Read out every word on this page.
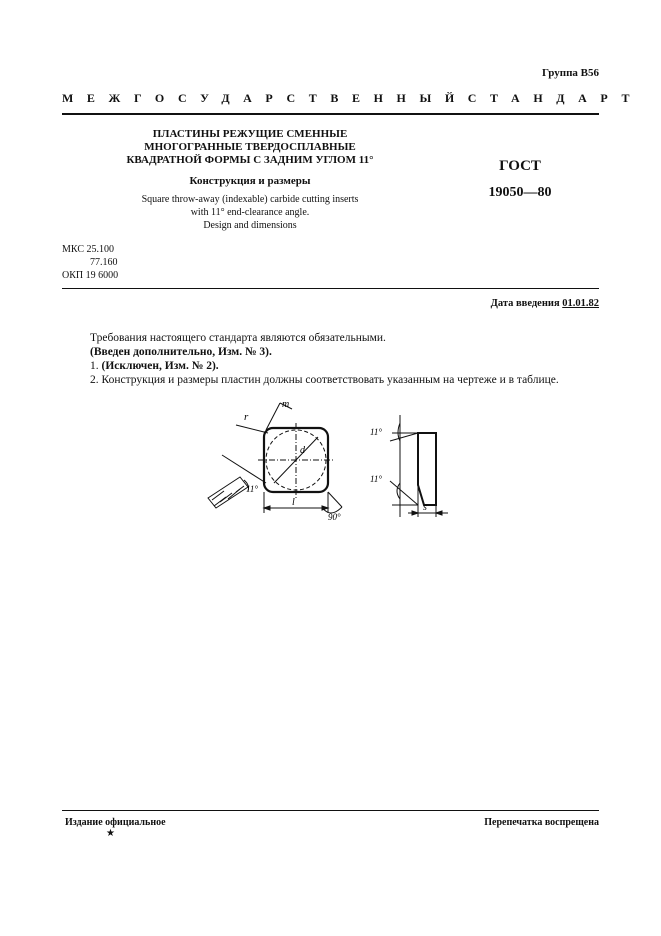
Группа В56
МЕЖГОСУДАРСТВЕННЫЙ СТАНДАРТ
ПЛАСТИНЫ РЕЖУЩИЕ СМЕННЫЕ
МНОГОГРАННЫЕ ТВЕРДОСПЛАВНЫЕ
КВАДРАТНОЙ ФОРМЫ С ЗАДНИМ УГЛОМ 11°
Конструкция и размеры
Square throw-away (indexable) carbide cutting inserts
with 11° end-clearance angle.
Design and dimensions
ГОСТ
19050—80
МКС 25.100
77.160
ОКП 19 6000
Дата введения 01.01.82
Требования настоящего стандарта являются обязательными.
(Введен дополнительно, Изм. № 3).
1. (Исключен, Изм. № 2).
2. Конструкция и размеры пластин должны соответствовать указанным на чертеже и в таблице.
r
m
d
l
90°
11°
11°
11°
s
Издание официальное
★
Перепечатка воспрещена
